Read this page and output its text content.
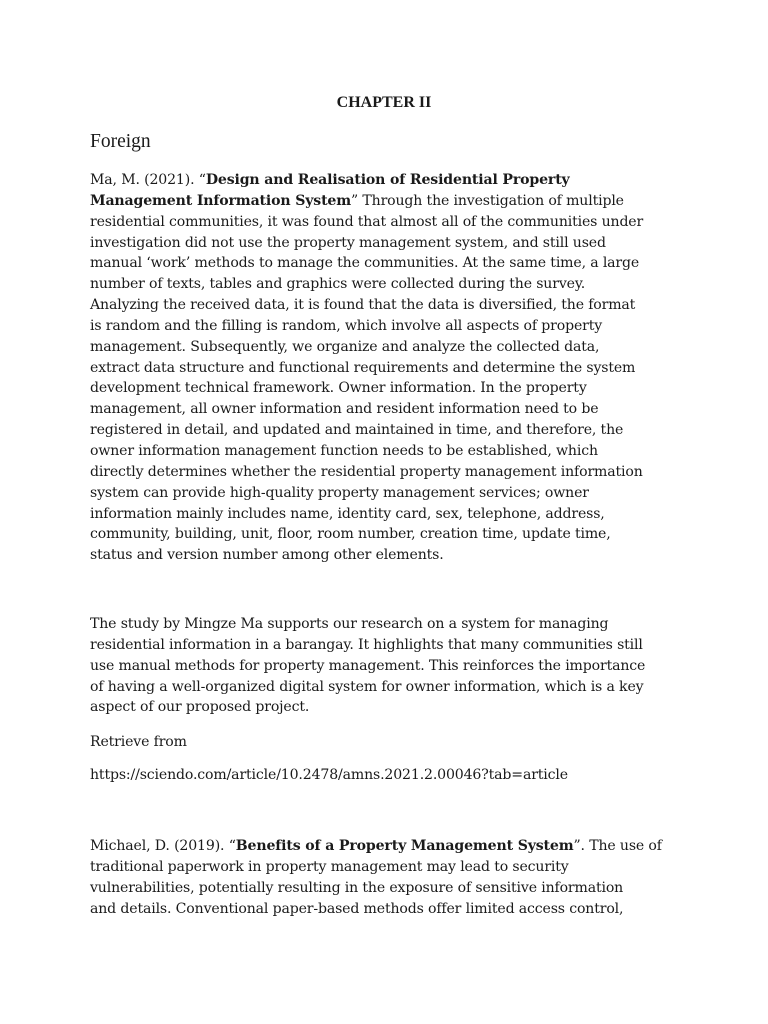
CHAPTER II
Foreign

Ma, M. (2021). “Design and Realisation of Residential Property
Management Information System” Through the investigation of multiple
residential communities, it was found that almost all of the communities under
investigation did not use the property management system, and still used
manual ‘work’ methods to manage the communities. At the same time, a large
number of texts, tables and graphics were collected during the survey.
Analyzing the received data, it is found that the data is diversified, the format
is random and the filling is random, which involve all aspects of property
management. Subsequently, we organize and analyze the collected data,
extract data structure and functional requirements and determine the system
development technical framework. Owner information. In the property
management, all owner information and resident information need to be
registered in detail, and updated and maintained in time, and therefore, the
owner information management function needs to be established, which
directly determines whether the residential property management information
system can provide high-quality property management services; owner
information mainly includes name, identity card, sex, telephone, address,
community, building, unit, floor, room number, creation time, update time,
status and version number among other elements.

The study by Mingze Ma supports our research on a system for managing
residential information in a barangay. It highlights that many communities still
use manual methods for property management. This reinforces the importance
of having a well-organized digital system for owner information, which is a key
aspect of our proposed project.

Retrieve from

https://sciendo.com/article/10.2478/amns.2021.2.00046?tab=article

Michael, D. (2019). “Benefits of a Property Management System”. The use of
traditional paperwork in property management may lead to security
vulnerabilities, potentially resulting in the exposure of sensitive information
and details. Conventional paper-based methods offer limited access control,
